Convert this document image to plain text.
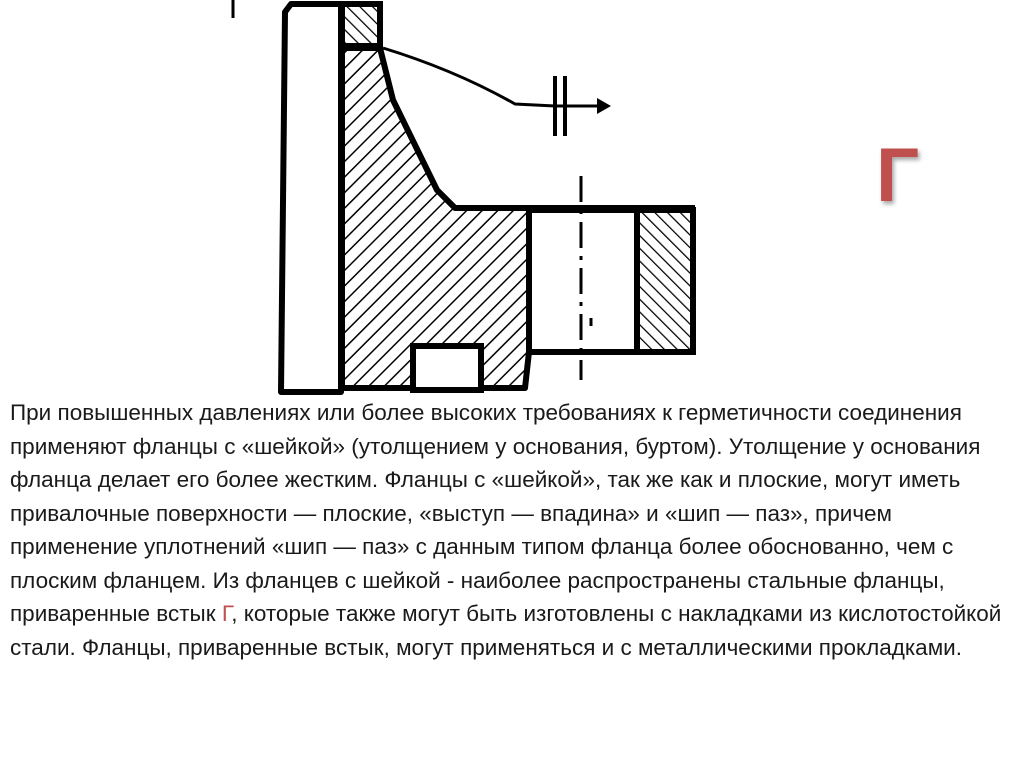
Г

При повышенных давлениях или более высоких требованиях к герметичности соединения применяют фланцы с «шейкой» (утолщением у основания, буртом). Утолщение у основания фланца делает его более жестким. Фланцы с «шейкой», так же как и плоские, могут иметь привалочные поверхности — плоские, «выступ — впадина» и «шип — паз», причем применение уплотнений «шип — паз» с данным типом фланца более обоснованно, чем с плоским фланцем. Из фланцев с шейкой - наиболее распространены стальные фланцы, приваренные встык Г, которые также могут быть изготовлены с накладками из кислотостойкой стали. Фланцы, приваренные встык, могут применяться и с металлическими прокладками.
